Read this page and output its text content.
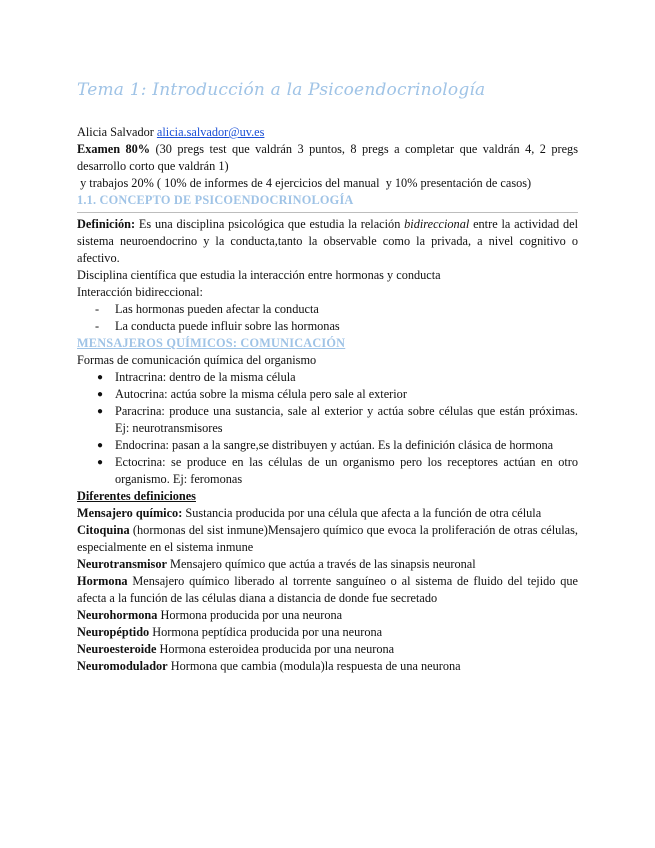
Tema 1: Introducción a la Psicoendocrinología
Alicia Salvador alicia.salvador@uv.es
Examen 80% (30 pregs test que valdrán 3 puntos, 8 pregs a completar que valdrán 4, 2 pregs
desarrollo corto que valdrán 1)
y trabajos 20% ( 10% de informes de 4 ejercicios del manual  y 10% presentación de casos)
1.1. CONCEPTO DE PSICOENDOCRINOLOGÍA
Definición: Es una disciplina psicológica que estudia la relación bidireccional entre la actividad del sistema neuroendocrino y la conducta,tanto la observable como la privada, a nivel cognitivo o afectivo.
Disciplina científica que estudia la interacción entre hormonas y conducta
Interacción bidireccional:
-	Las hormonas pueden afectar la conducta
-	La conducta puede influir sobre las hormonas
MENSAJEROS QUÍMICOS: COMUNICACIÓN
Formas de comunicación química del organismo
● Intracrina: dentro de la misma célula
● Autocrina: actúa sobre la misma célula pero sale al exterior
● Paracrina: produce una sustancia, sale al exterior y actúa sobre células que están próximas. Ej: neurotransmisores
● Endocrina: pasan a la sangre,se distribuyen y actúan. Es la definición clásica de hormona
● Ectocrina: se produce en las células de un organismo pero los receptores actúan en otro organismo. Ej: feromonas
Diferentes definiciones
Mensajero químico: Sustancia producida por una célula que afecta a la función de otra célula
Citoquina (hormonas del sist inmune)Mensajero químico que evoca la proliferación de otras células, especialmente en el sistema inmune
Neurotransmisor Mensajero químico que actúa a través de las sinapsis neuronal
Hormona Mensajero químico liberado al torrente sanguíneo o al sistema de fluido del tejido que afecta a la función de las células diana a distancia de donde fue secretado
Neurohormona Hormona producida por una neurona
Neuropéptido Hormona peptídica producida por una neurona
Neuroesteroide Hormona esteroidea producida por una neurona
Neuromodulador Hormona que cambia (modula)la respuesta de una neurona
